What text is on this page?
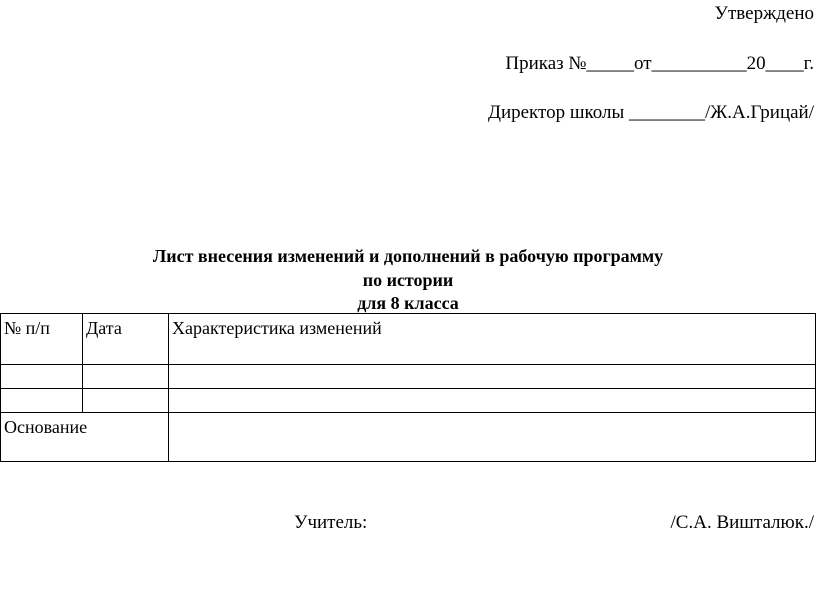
Утверждено
Приказ №_____от__________20____г.
Директор школы ________/Ж.А.Грицай/
Лист внесения изменений и дополнений в рабочую программу
по истории
для 8 класса
№ п/п	Дата	Характеристика изменений

Основание		
Учитель:	/С.А. Вишталюк./
